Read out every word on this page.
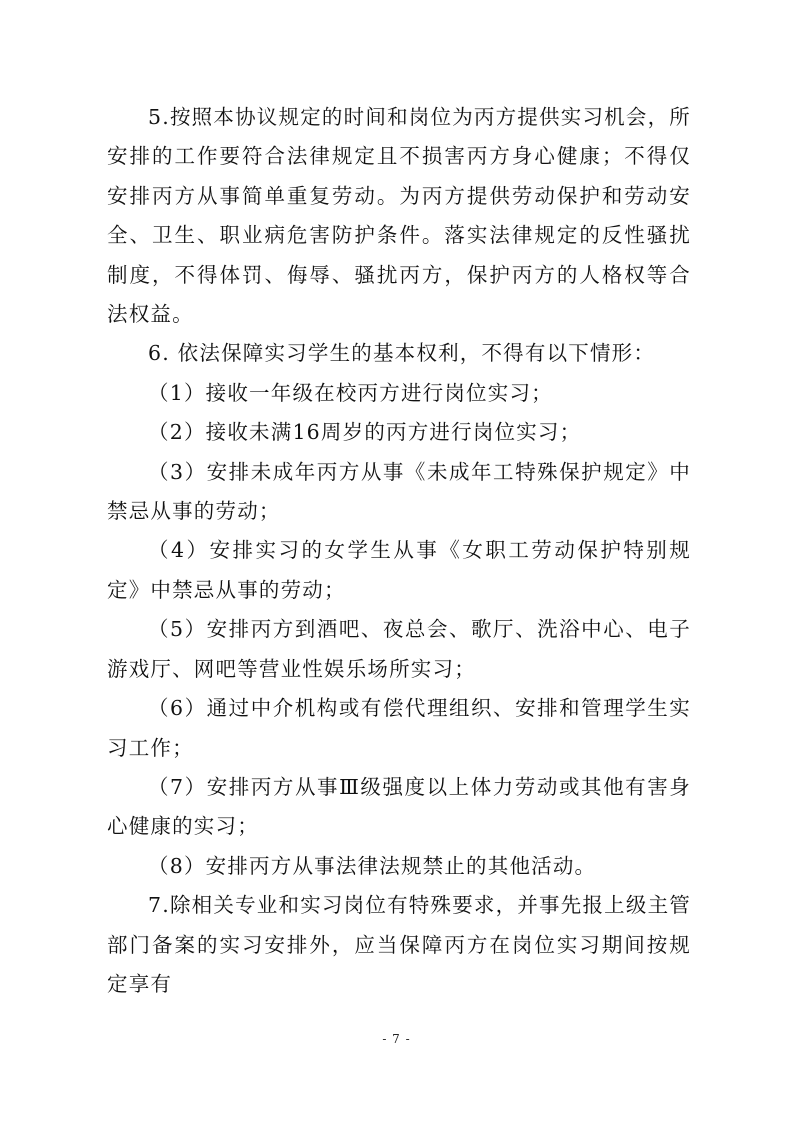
5.按照本协议规定的时间和岗位为丙方提供实习机会，所安排的工作要符合法律规定且不损害丙方身心健康；不得仅安排丙方从事简单重复劳动。为丙方提供劳动保护和劳动安全、卫生、职业病危害防护条件。落实法律规定的反性骚扰制度，不得体罚、侮辱、骚扰丙方，保护丙方的人格权等合法权益。

6. 依法保障实习学生的基本权利，不得有以下情形：

（1）接收一年级在校丙方进行岗位实习；

（2）接收未满16周岁的丙方进行岗位实习；

（3）安排未成年丙方从事《未成年工特殊保护规定》中禁忌从事的劳动；

（4）安排实习的女学生从事《女职工劳动保护特别规定》中禁忌从事的劳动；

（5）安排丙方到酒吧、夜总会、歌厅、洗浴中心、电子游戏厅、网吧等营业性娱乐场所实习；

（6）通过中介机构或有偿代理组织、安排和管理学生实习工作；

（7）安排丙方从事Ⅲ级强度以上体力劳动或其他有害身心健康的实习；

（8）安排丙方从事法律法规禁止的其他活动。

7.除相关专业和实习岗位有特殊要求，并事先报上级主管部门备案的实习安排外，应当保障丙方在岗位实习期间按规定享有

- 7 -
